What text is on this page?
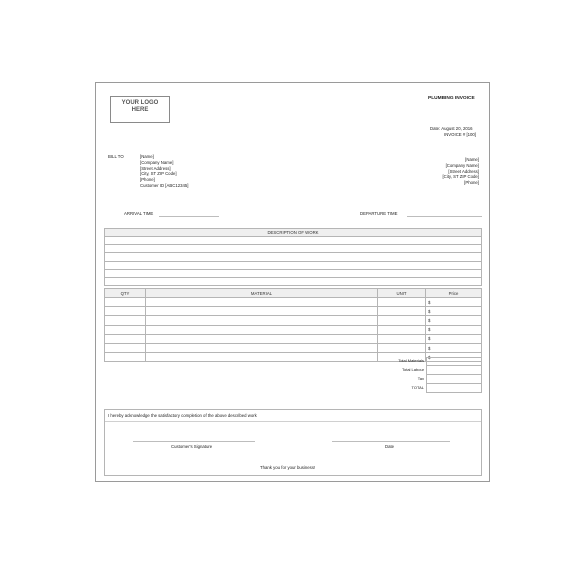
YOUR LOGO
HERE
PLUMBING INVOICE
Date: August 20, 2016
INVOICE # [100]
BILL TO	[Name]
[Company Name]
[Street Address]
[City, ST ZIP Code]
[Phone]
Customer ID [ABC12345]
[Name]
[Company Name]
[Street Address]
[City, ST ZIP Code]
[Phone]
ARRIVAL TIME	DEPARTURE TIME
DESCRIPTION OF WORK

QTY	MATERIAL	UNIT	Price
			$
			$
			$
			$
			$
			$
			$
Total Materials
Total Labour
Tax
TOTAL
I hereby acknowledge the satisfactory completion of the above described work
Customer's Signature	Date
Thank you for your business!
